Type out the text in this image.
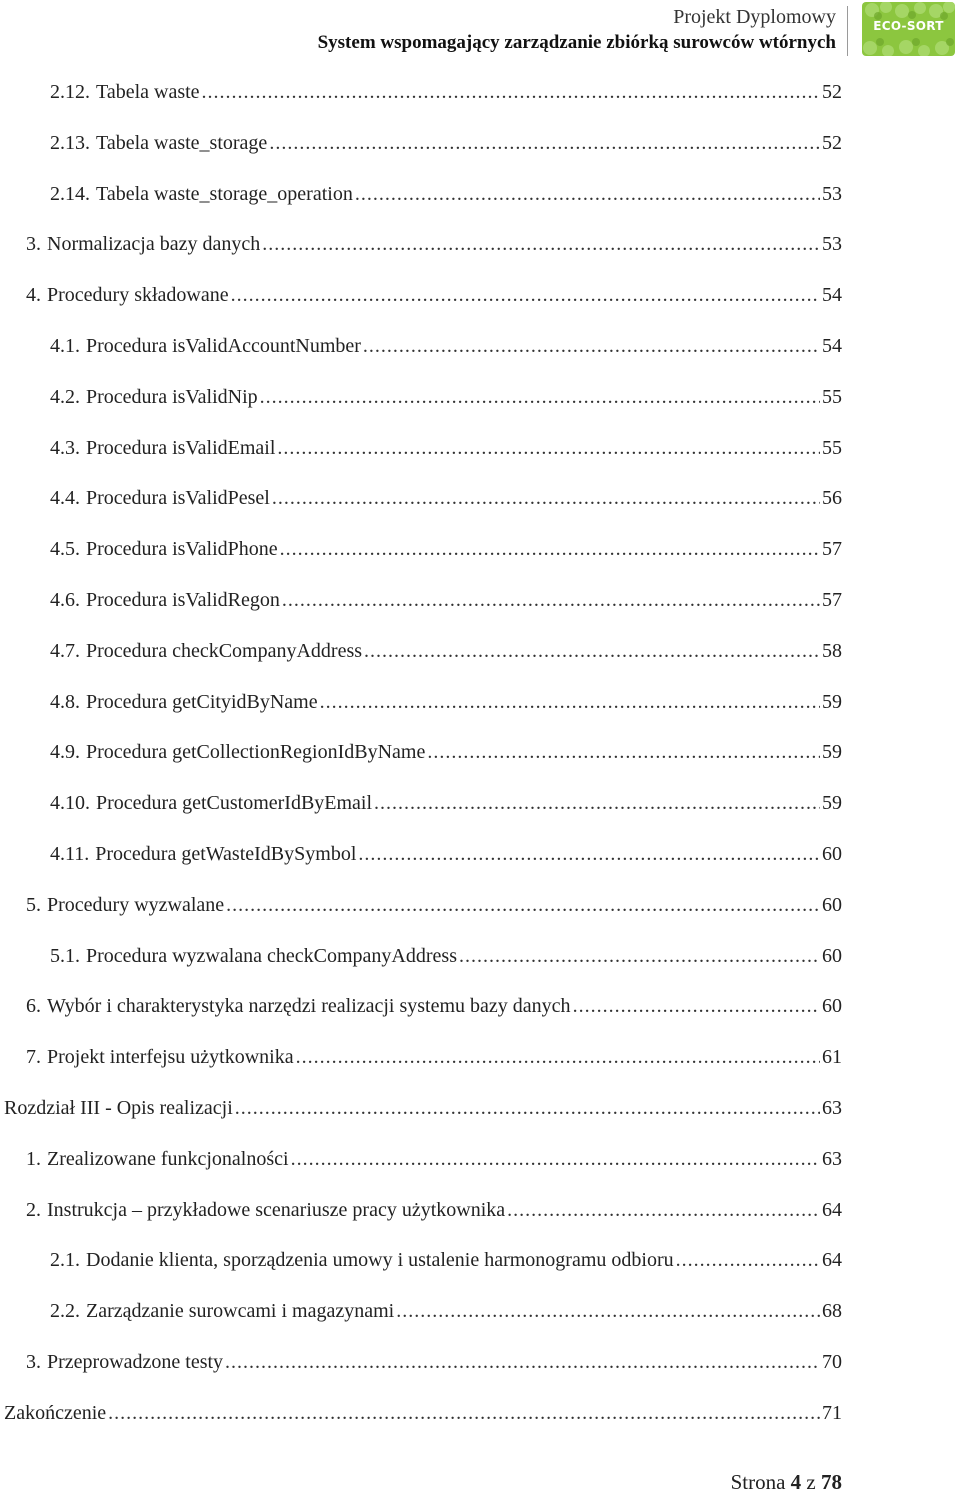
Projekt Dyplomowy
System wspomagający zarządzanie zbiórką surowców wtórnych
ECO-SORT
2.12. Tabela waste .....	52
2.13. Tabela waste_storage .....	52
2.14. Tabela waste_storage_operation .....	53
3. Normalizacja bazy danych .....	53
4. Procedury składowane .....	54
4.1. Procedura isValidAccountNumber .....	54
4.2. Procedura isValidNip .....	55
4.3. Procedura isValidEmail .....	55
4.4. Procedura isValidPesel .....	56
4.5. Procedura isValidPhone .....	57
4.6. Procedura isValidRegon .....	57
4.7. Procedura checkCompanyAddress .....	58
4.8. Procedura getCityidByName .....	59
4.9. Procedura getCollectionRegionIdByName .....	59
4.10. Procedura getCustomerIdByEmail .....	59
4.11. Procedura getWasteIdBySymbol .....	60
5. Procedury wyzwalane .....	60
5.1. Procedura wyzwalana checkCompanyAddress .....	60
6. Wybór i charakterystyka narzędzi realizacji systemu bazy danych .....	60
7. Projekt interfejsu użytkownika .....	61
Rozdział III - Opis realizacji .....	63
1. Zrealizowane funkcjonalności .....	63
2. Instrukcja – przykładowe scenariusze pracy użytkownika .....	64
2.1. Dodanie klienta, sporządzenia umowy i ustalenie harmonogramu odbioru .....	64
2.2. Zarządzanie surowcami i magazynami .....	68
3. Przeprowadzone testy .....	70
Zakończenie .....	71
Strona 4 z 78
